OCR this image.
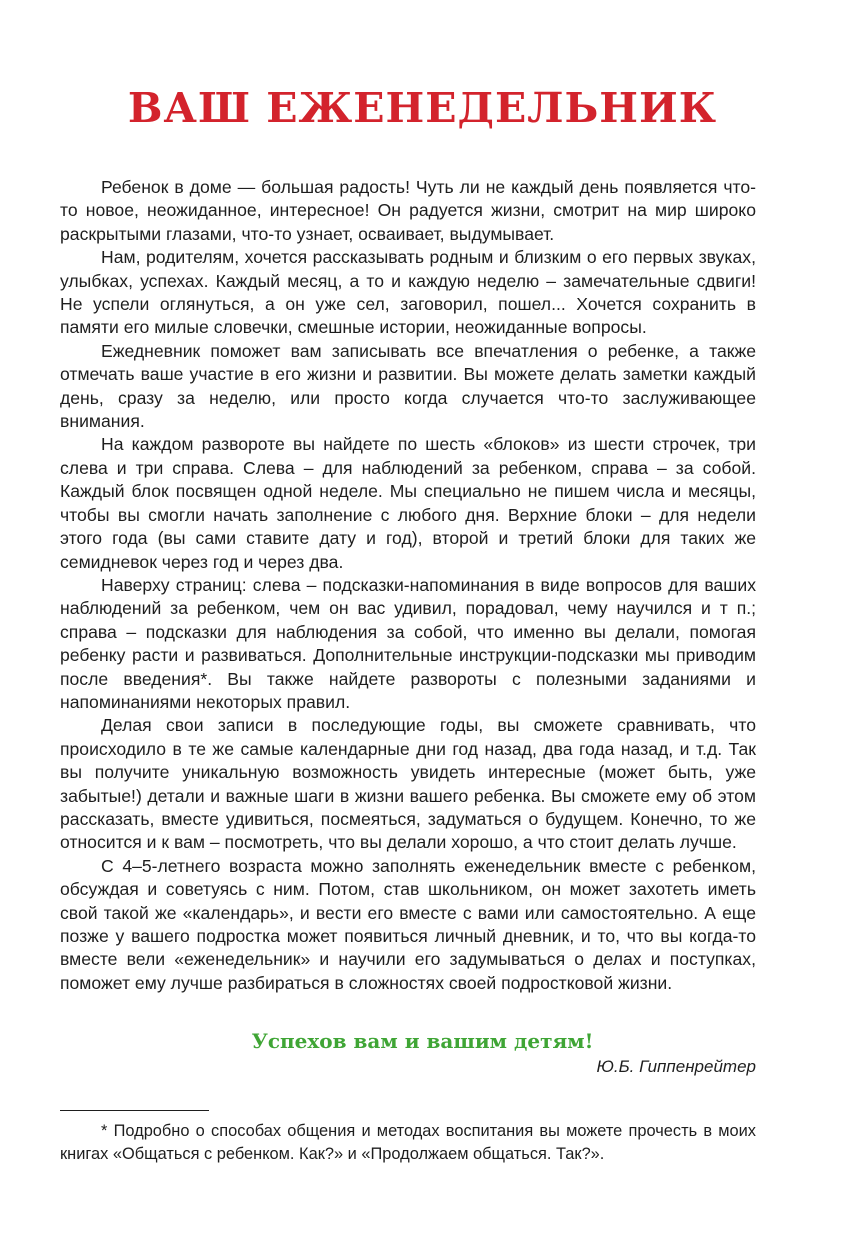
ВАШ ЕЖЕНЕДЕЛЬНИК

Ребенок в доме — большая радость! Чуть ли не каждый день появляется что-то новое, неожиданное, интересное! Он радуется жизни, смотрит на мир широко раскрытыми глазами, что-то узнает, осваивает, выдумывает.

Нам, родителям, хочется рассказывать родным и близким о его первых звуках, улыбках, успехах. Каждый месяц, а то и каждую неделю – замечательные сдвиги! Не успели оглянуться, а он уже сел, заговорил, пошел... Хочется сохранить в памяти его милые словечки, смешные истории, неожиданные вопросы.

Ежедневник поможет вам записывать все впечатления о ребенке, а также отмечать ваше участие в его жизни и развитии. Вы можете делать заметки каждый день, сразу за неделю, или просто когда случается что-то заслуживающее внимания.

На каждом развороте вы найдете по шесть «блоков» из шести строчек, три слева и три справа. Слева – для наблюдений за ребенком, справа – за собой. Каждый блок посвящен одной неделе. Мы специально не пишем числа и месяцы, чтобы вы смогли начать заполнение с любого дня. Верхние блоки – для недели этого года (вы сами ставите дату и год), второй и третий блоки для таких же семидневок через год и через два.

Наверху страниц: слева – подсказки-напоминания в виде вопросов для ваших наблюдений за ребенком, чем он вас удивил, порадовал, чему научился и т п.; справа – подсказки для наблюдения за собой, что именно вы делали, помогая ребенку расти и развиваться. Дополнительные инструкции-подсказки мы приводим после введения*. Вы также найдете развороты с полезными заданиями и напоминаниями некоторых правил.

Делая свои записи в последующие годы, вы сможете сравнивать, что происходило в те же самые календарные дни год назад, два года назад, и т.д. Так вы получите уникальную возможность увидеть интересные (может быть, уже забытые!) детали и важные шаги в жизни вашего ребенка. Вы сможете ему об этом рассказать, вместе удивиться, посмеяться, задуматься о будущем. Конечно, то же относится и к вам – посмотреть, что вы делали хорошо, а что стоит делать лучше.

С 4–5-летнего возраста можно заполнять еженедельник вместе с ребенком, обсуждая и советуясь с ним. Потом, став школьником, он может захотеть иметь свой такой же «календарь», и вести его вместе с вами или самостоятельно. А еще позже у вашего подростка может появиться личный дневник, и то, что вы когда-то вместе вели «еженедельник» и научили его задумываться о делах и поступках, поможет ему лучше разбираться в сложностях своей подростковой жизни.

Успехов вам и вашим детям!
Ю.Б. Гиппенрейтер

* Подробно о способах общения и методах воспитания вы можете прочесть в моих книгах «Общаться с ребенком. Как?» и «Продолжаем общаться. Так?».
